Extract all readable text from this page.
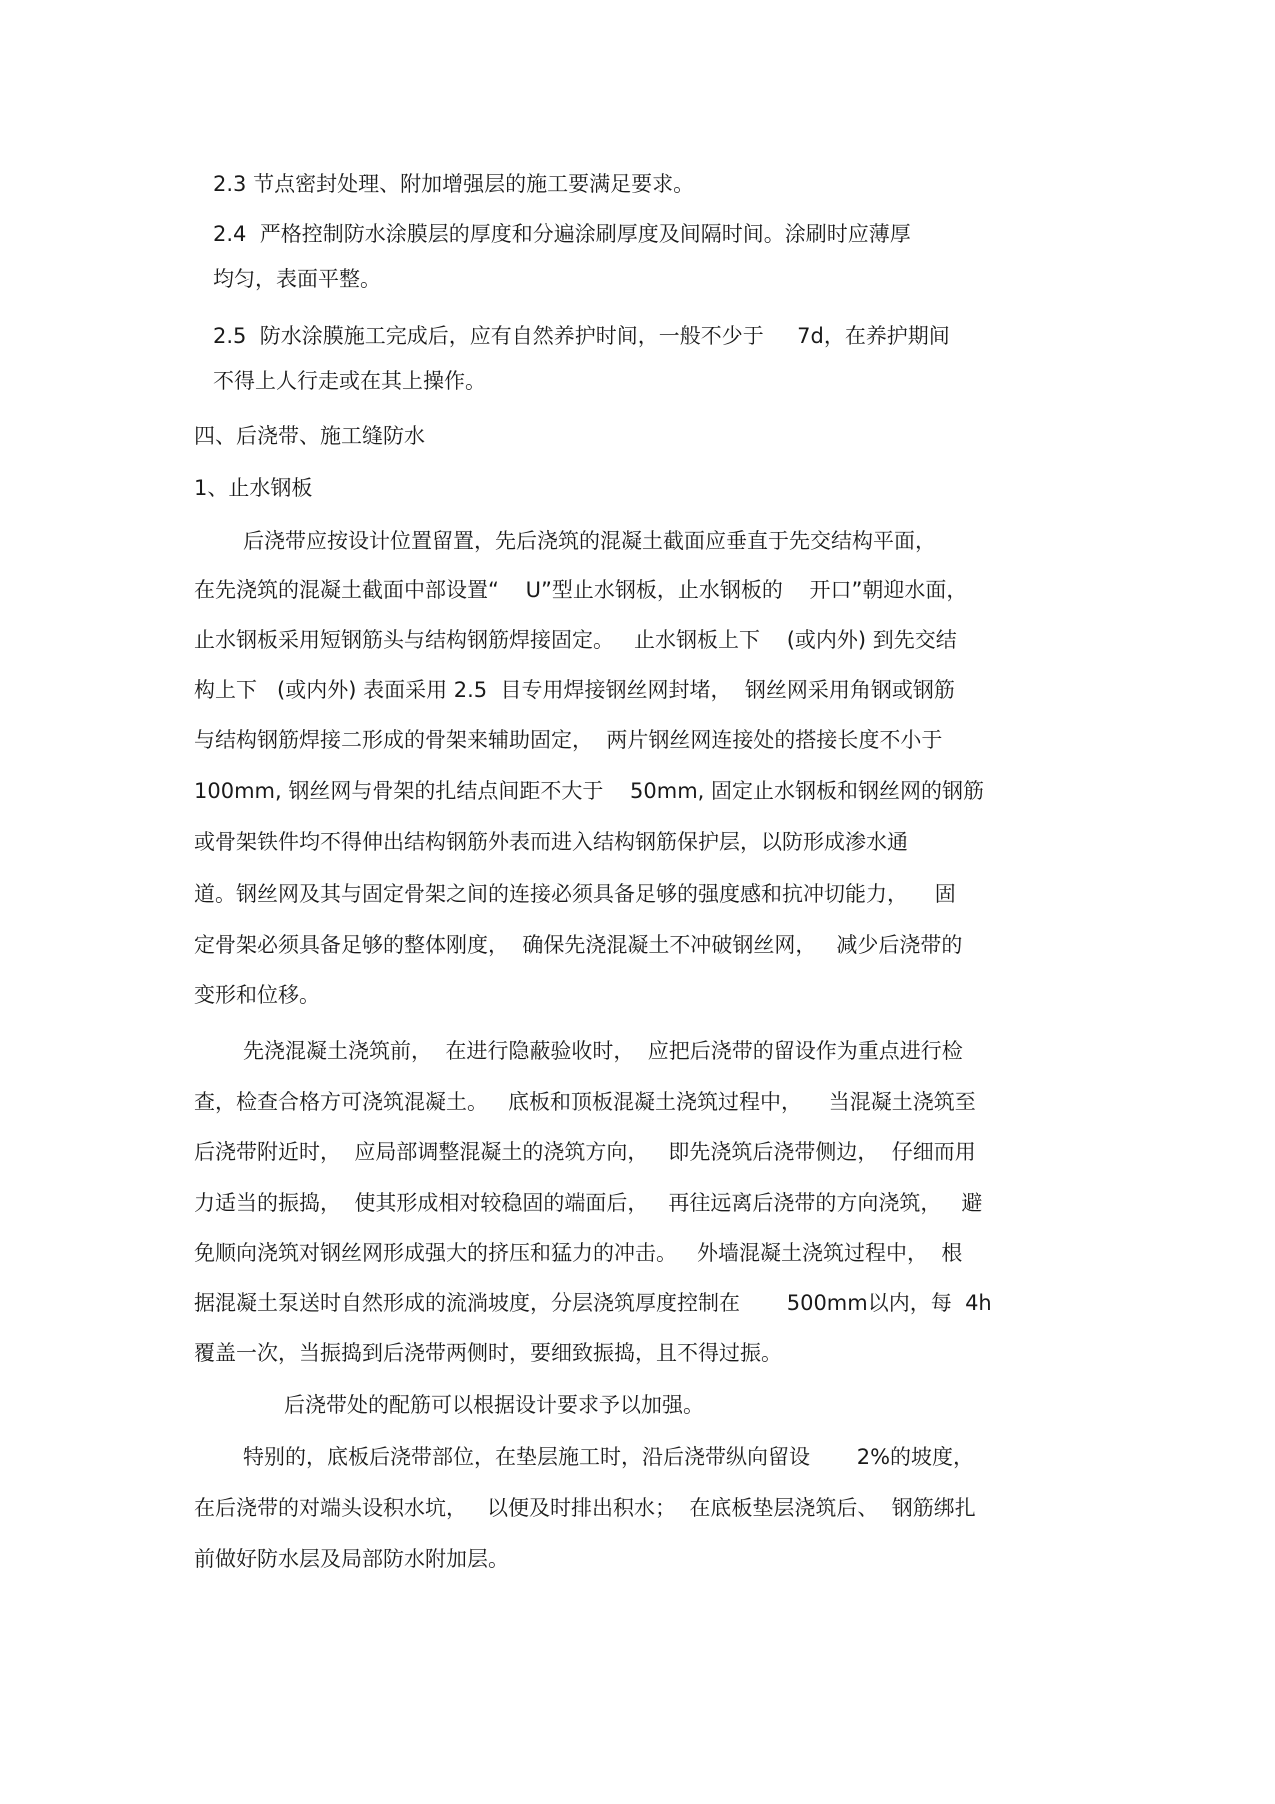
2.3 节点密封处理、附加增强层的施工要满足要求。
2.4  严格控制防水涂膜层的厚度和分遍涂刷厚度及间隔时间。涂刷时应薄厚
均匀，表面平整。
2.5  防水涂膜施工完成后，应有自然养护时间，一般不少于     7d，在养护期间
不得上人行走或在其上操作。
四、后浇带、施工缝防水
1、止水钢板
后浇带应按设计位置留置，先后浇筑的混凝土截面应垂直于先交结构平面，
在先浇筑的混凝土截面中部设置“    U”型止水钢板，止水钢板的    开口”朝迎水面，
止水钢板采用短钢筋头与结构钢筋焊接固定。   止水钢板上下    (或内外) 到先交结
构上下   (或内外) 表面采用 2.5  目专用焊接钢丝网封堵，  钢丝网采用角钢或钢筋
与结构钢筋焊接二形成的骨架来辅助固定，  两片钢丝网连接处的搭接长度不小于
100mm, 钢丝网与骨架的扎结点间距不大于    50mm, 固定止水钢板和钢丝网的钢筋
或骨架铁件均不得伸出结构钢筋外表而进入结构钢筋保护层，以防形成渗水通
道。钢丝网及其与固定骨架之间的连接必须具备足够的强度感和抗冲切能力，    固
定骨架必须具备足够的整体刚度，  确保先浇混凝土不冲破钢丝网，   减少后浇带的
变形和位移。
先浇混凝土浇筑前，  在进行隐蔽验收时，  应把后浇带的留设作为重点进行检
查，检查合格方可浇筑混凝土。   底板和顶板混凝土浇筑过程中，    当混凝土浇筑至
后浇带附近时，  应局部调整混凝土的浇筑方向，   即先浇筑后浇带侧边，  仔细而用
力适当的振捣，  使其形成相对较稳固的端面后，   再往远离后浇带的方向浇筑，   避
免顺向浇筑对钢丝网形成强大的挤压和猛力的冲击。   外墙混凝土浇筑过程中，  根
据混凝土泵送时自然形成的流淌坡度，分层浇筑厚度控制在       500mm以内，每  4h
覆盖一次，当振捣到后浇带两侧时，要细致振捣，且不得过振。
后浇带处的配筋可以根据设计要求予以加强。
特别的，底板后浇带部位，在垫层施工时，沿后浇带纵向留设       2%的坡度，
在后浇带的对端头设积水坑，   以便及时排出积水；  在底板垫层浇筑后、  钢筋绑扎
前做好防水层及局部防水附加层。
